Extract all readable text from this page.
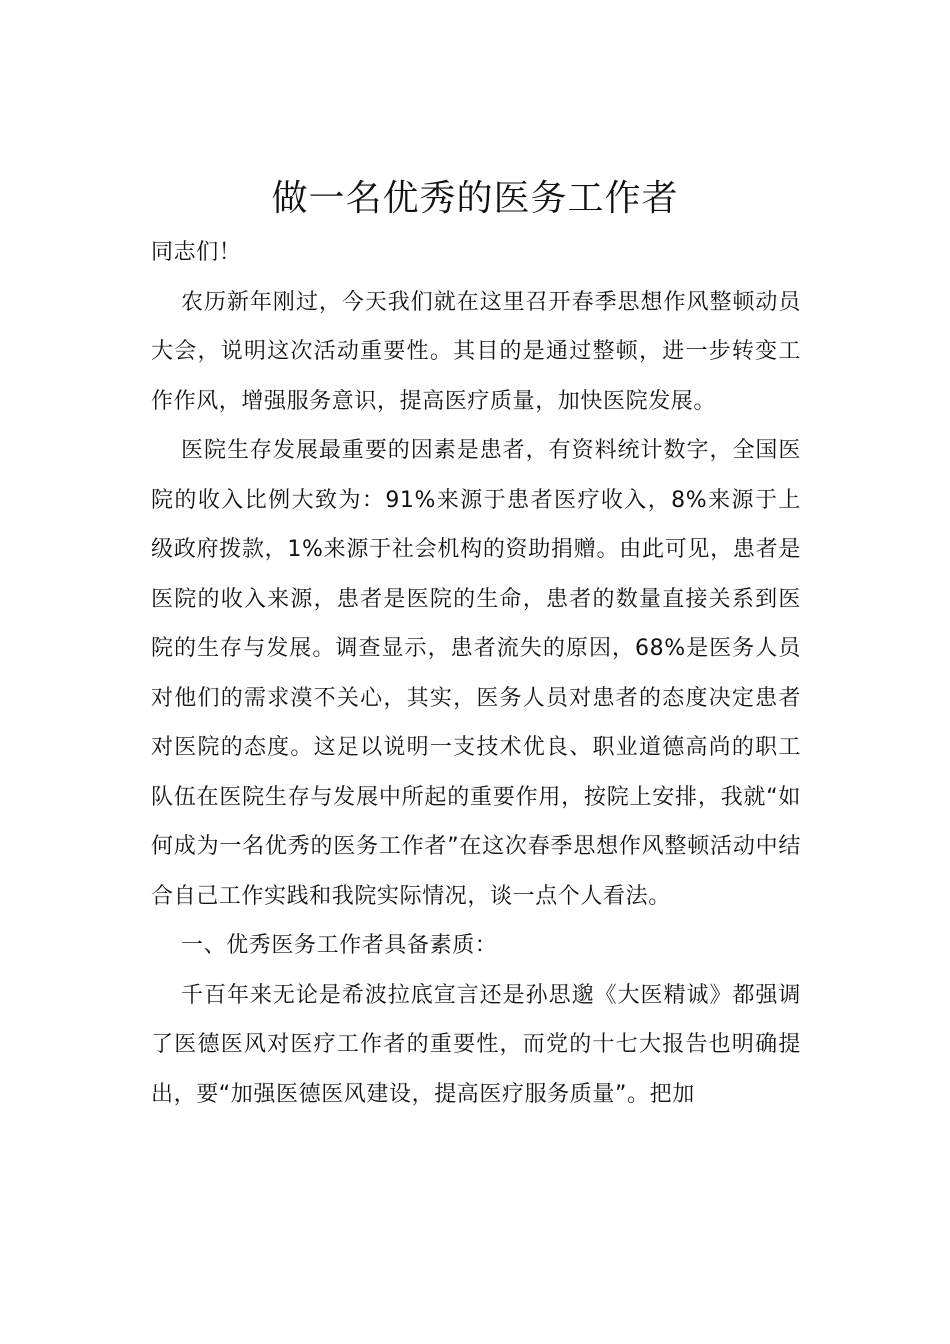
做一名优秀的医务工作者

同志们！

农历新年刚过，今天我们就在这里召开春季思想作风整顿动员大会，说明这次活动重要性。其目的是通过整顿，进一步转变工作作风，增强服务意识，提高医疗质量，加快医院发展。

医院生存发展最重要的因素是患者，有资料统计数字，全国医院的收入比例大致为：91%来源于患者医疗收入，8%来源于上级政府拨款，1%来源于社会机构的资助捐赠。由此可见，患者是医院的收入来源，患者是医院的生命，患者的数量直接关系到医院的生存与发展。调查显示，患者流失的原因，68%是医务人员对他们的需求漠不关心，其实，医务人员对患者的态度决定患者对医院的态度。这足以说明一支技术优良、职业道德高尚的职工队伍在医院生存与发展中所起的重要作用，按院上安排，我就“如何成为一名优秀的医务工作者”在这次春季思想作风整顿活动中结合自己工作实践和我院实际情况，谈一点个人看法。

一、优秀医务工作者具备素质：

千百年来无论是希波拉底宣言还是孙思邈《大医精诚》都强调了医德医风对医疗工作者的重要性，而党的十七大报告也明确提出，要“加强医德医风建设，提高医疗服务质量”。把加
